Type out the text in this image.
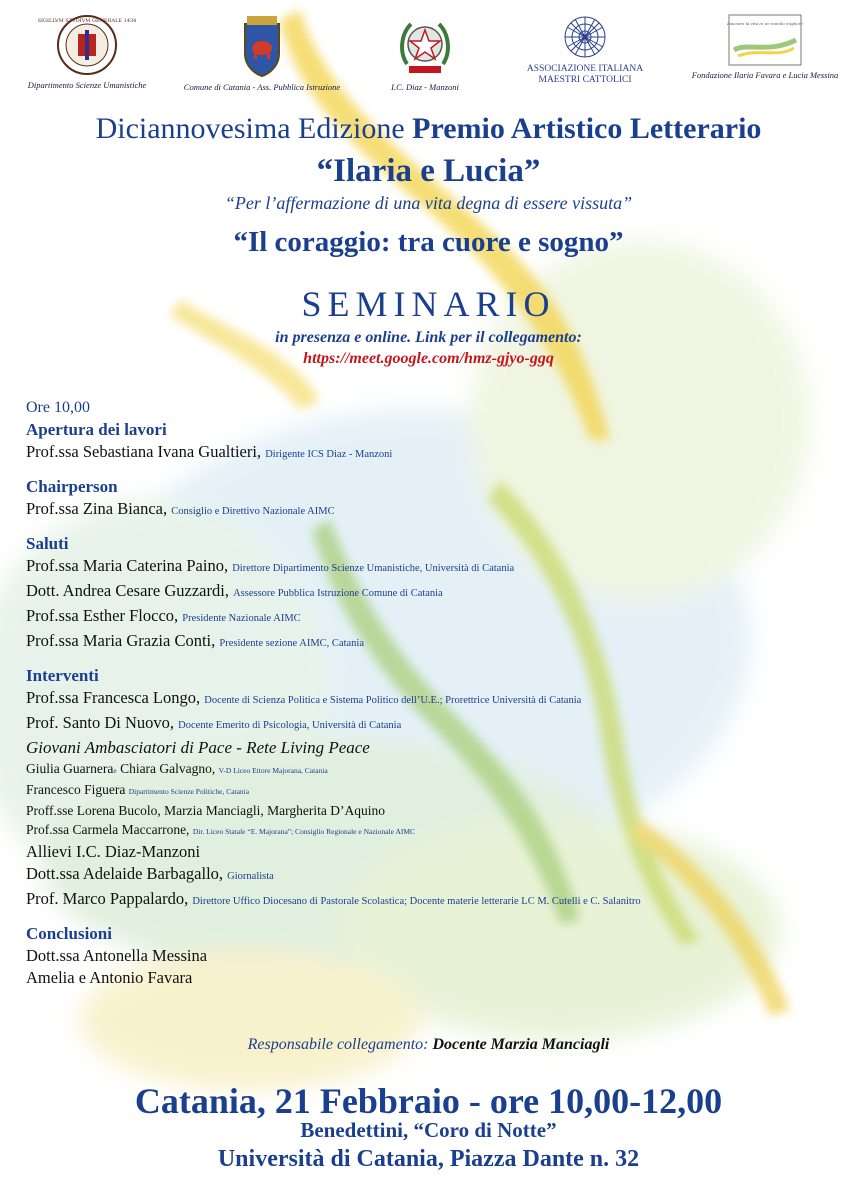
SIGILLVM STVDIVM GENERALE 1434
Dipartimento Scienze Umanistiche	Comune di Catania - Ass. Pubblica Istruzione	I.C. Diaz - Manzoni
ASSOCIAZIONE ITALIANA
MAESTRI CATTOLICI
Lasciare la vita in un mondo migliore
Fondazione Ilaria Favara e Lucia Messina
Diciannovesima Edizione Premio Artistico Letterario
“Ilaria e Lucia”
“Per l’affermazione di una vita degna di essere vissuta”
“Il coraggio: tra cuore e sogno”
SEMINARIO
in presenza e online. Link per il collegamento:
https://meet.google.com/hmz-gjyo-ggq
Ore 10,00
Apertura dei lavori
Prof.ssa Sebastiana Ivana Gualtieri, Dirigente ICS Diaz - Manzoni
Chairperson
Prof.ssa Zina Bianca, Consiglio e Direttivo Nazionale AIMC
Saluti
Prof.ssa Maria Caterina Paino, Direttore Dipartimento Scienze Umanistiche, Università di Catania
Dott. Andrea Cesare Guzzardi, Assessore Pubblica Istruzione Comune di Catania
Prof.ssa Esther Flocco, Presidente Nazionale AIMC
Prof.ssa Maria Grazia Conti, Presidente sezione AIMC, Catania
Interventi
Prof.ssa Francesca Longo, Docente di Scienza Politica e Sistema Politico dell’U.E.; Prorettrice Università di Catania
Prof. Santo Di Nuovo, Docente Emerito di Psicologia, Università di Catania
Giovani Ambasciatori di Pace - Rete Living Peace
Giulia Guarnerae Chiara Galvagno, V-D Liceo Ettore Majorana, Catania
Francesco Figuera Dipartimento Scienze Politiche, Catania
Proff.sse Lorena Bucolo, Marzia Manciagli, Margherita D’Aquino
Prof.ssa Carmela Maccarrone, Dir. Liceo Statale “E. Majorana”; Consiglio Regionale e Nazionale AIMC
Allievi I.C. Diaz-Manzoni
Dott.ssa Adelaide Barbagallo, Giornalista
Prof. Marco Pappalardo, Direttore Uffico Diocesano di Pastorale Scolastica; Docente materie letterarie LC M. Cutelli e C. Salanitro
Conclusioni
Dott.ssa Antonella Messina
Amelia e Antonio Favara
Responsabile collegamento: Docente Marzia Manciagli
Catania, 21 Febbraio - ore 10,00-12,00
Benedettini, “Coro di Notte”
Università di Catania, Piazza Dante n. 32
